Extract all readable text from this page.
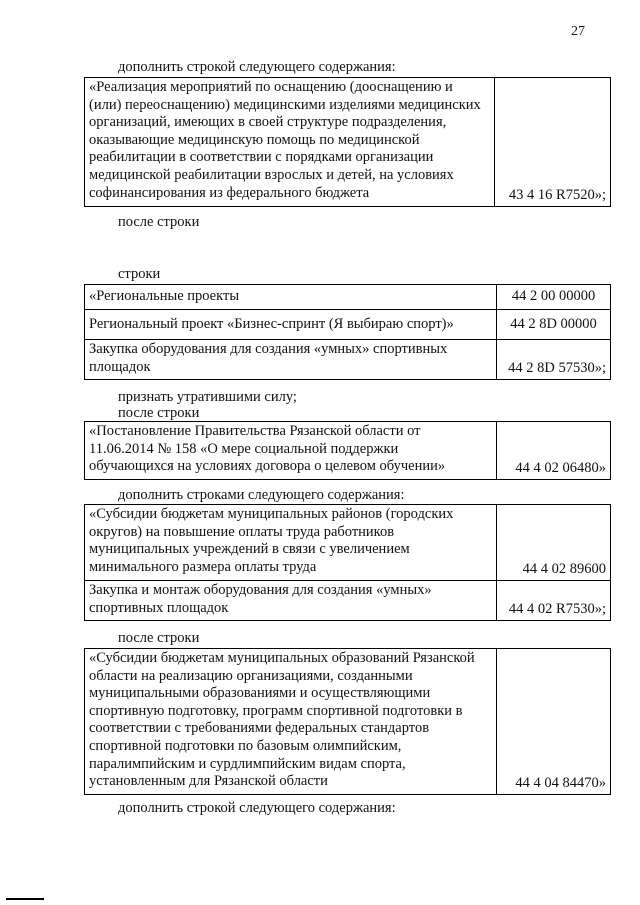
27
дополнить строкой следующего содержания:
«Реализация мероприятий по оснащению (дооснащению и
(или) переоснащению) медицинскими изделиями медицинских
организаций, имеющих в своей структуре подразделения,
оказывающие медицинскую помощь по медицинской
реабилитации в соответствии с порядками организации
медицинской реабилитации взрослых и детей, на условиях
софинансирования из федерального бюджета	43 4 16 R7520»;
после строки
строки
«Региональные проекты	44 2 00 00000
Региональный проект «Бизнес-спринт (Я выбираю спорт)»	44 2 8D 00000
Закупка оборудования для создания «умных» спортивных
площадок	44 2 8D 57530»;
признать утратившими силу;
после строки
«Постановление Правительства Рязанской области от
11.06.2014 № 158 «О мере социальной поддержки
обучающихся на условиях договора о целевом обучении»	44 4 02 06480»
дополнить строками следующего содержания:
«Субсидии бюджетам муниципальных районов (городских
округов) на повышение оплаты труда работников
муниципальных учреждений в связи с увеличением
минимального размера оплаты труда	44 4 02 89600
Закупка и монтаж оборудования для создания «умных»
спортивных площадок	44 4 02 R7530»;
после строки
«Субсидии бюджетам муниципальных образований Рязанской
области на реализацию организациями, созданными
муниципальными образованиями и осуществляющими
спортивную подготовку, программ спортивной подготовки в
соответствии с требованиями федеральных стандартов
спортивной подготовки по базовым олимпийским,
паралимпийским и сурдлимпийским видам спорта,
установленным для Рязанской области	44 4 04 84470»
дополнить строкой следующего содержания:
